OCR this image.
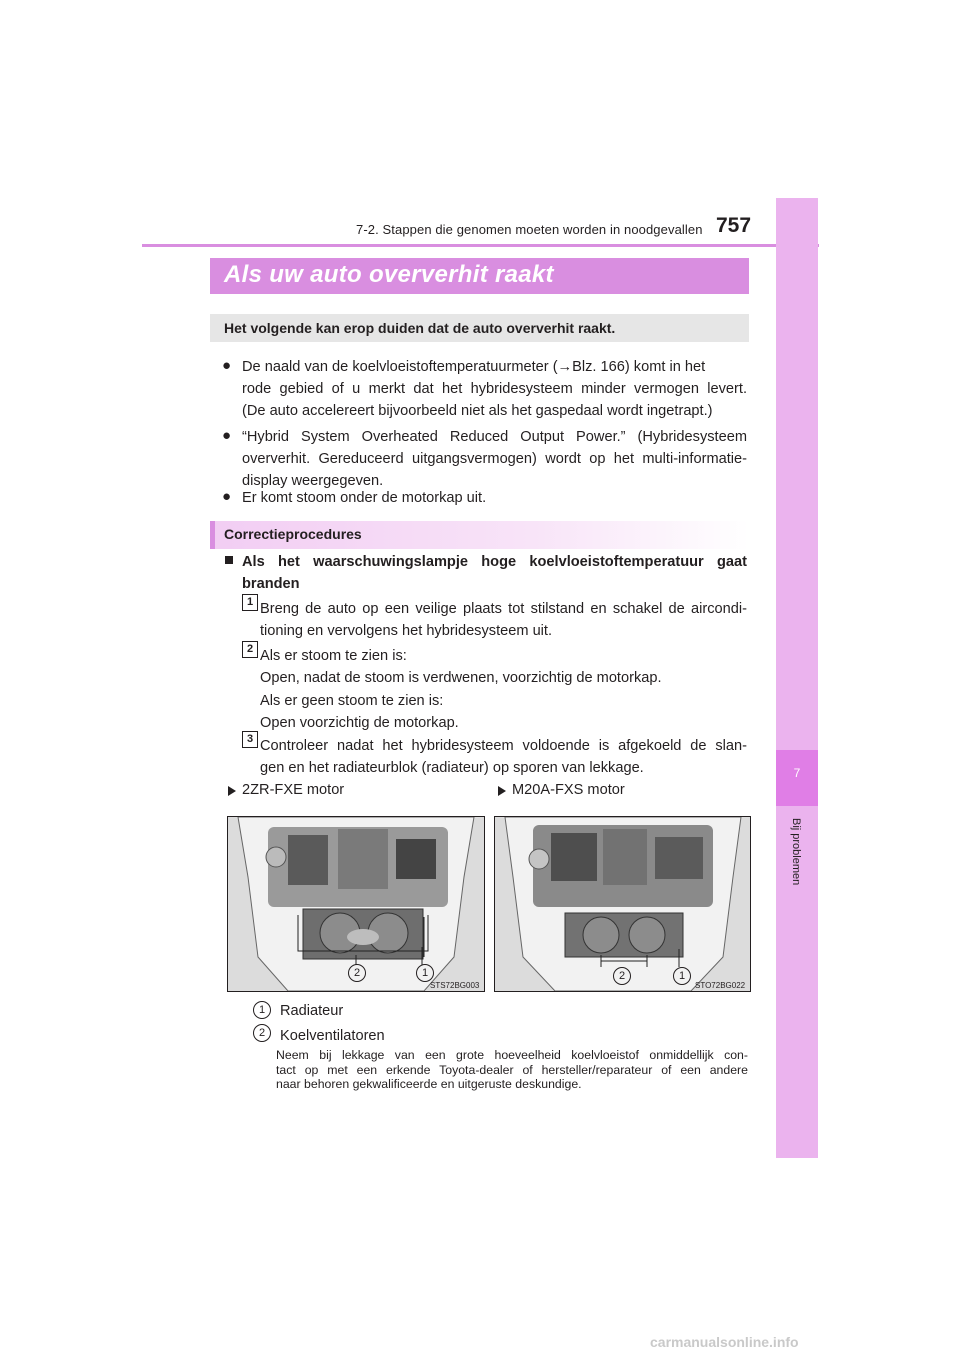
7-2. Stappen die genomen moeten worden in noodgevallen 757
7
Bij problemen
Als uw auto oververhit raakt
Het volgende kan erop duiden dat de auto oververhit raakt.
● De naald van de koelvloeistoftemperatuurmeter (→Blz. 166) komt in het
rode gebied of u merkt dat het hybridesysteem minder vermogen levert.
(De auto accelereert bijvoorbeeld niet als het gaspedaal wordt ingetrapt.)
● “Hybrid System Overheated Reduced Output Power.” (Hybridesysteem
oververhit. Gereduceerd uitgangsvermogen) wordt op het multi-informatie-
display weergegeven.
● Er komt stoom onder de motorkap uit.
Correctieprocedures
Als het waarschuwingslampje hoge koelvloeistoftemperatuur gaat
branden
1 Breng de auto op een veilige plaats tot stilstand en schakel de aircondi-
tioning en vervolgens het hybridesysteem uit.
2 Als er stoom te zien is:
Open, nadat de stoom is verdwenen, voorzichtig de motorkap.
Als er geen stoom te zien is:
Open voorzichtig de motorkap.
3 Controleer nadat het hybridesysteem voldoende is afgekoeld de slan-
gen en het radiateurblok (radiateur) op sporen van lekkage.
2ZR-FXE motor	M20A-FXS motor
STS72BG003
2	1
STO72BG022
2	1
1	Radiateur
2	Koelventilatoren
Neem bij lekkage van een grote hoeveelheid koelvloeistof onmiddellijk con-
tact op met een erkende Toyota-dealer of hersteller/reparateur of een andere
naar behoren gekwalificeerde en uitgeruste deskundige.
carmanualsonline.info
